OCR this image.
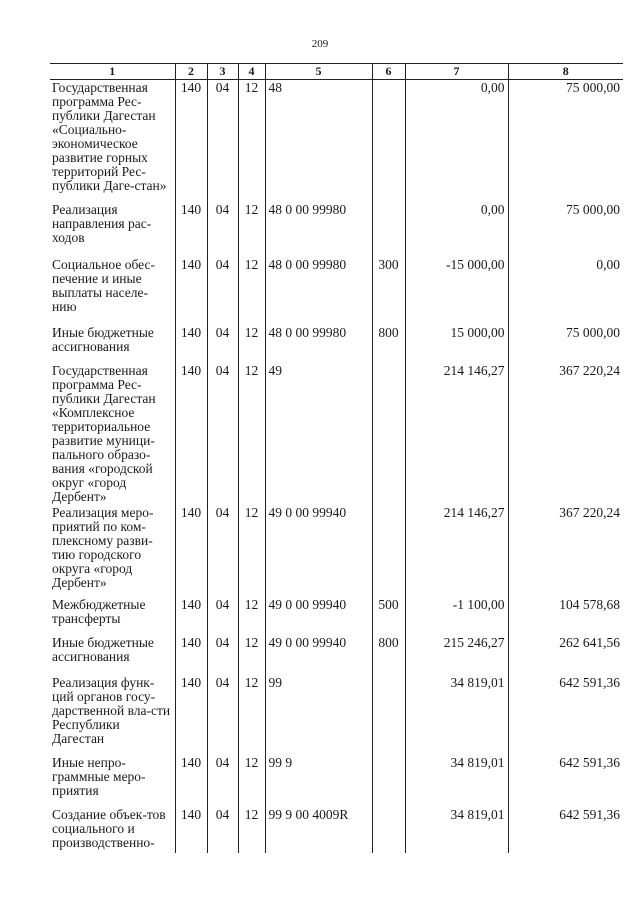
209
1	2	3	4	5	6	7	8
Государственная программа Рес-публики Дагестан «Социально-экономическое развитие горных территорий Рес-публики Даге-стан»	140	04	12	48		0,00	75 000,00
Реализация направления рас-ходов	140	04	12	48 0 00 99980		0,00	75 000,00
Социальное обес-печение и иные выплаты населе-нию	140	04	12	48 0 00 99980	300	-15 000,00	0,00
Иные бюджетные ассигнования	140	04	12	48 0 00 99980	800	15 000,00	75 000,00
Государственная программа Рес-публики Дагестан «Комплексное территориальное развитие муници-пального образо-вания «городской округ «город Дербент»	140	04	12	49		214 146,27	367 220,24
Реализация меро-приятий по ком-плексному разви-тию городского округа «город Дербент»	140	04	12	49 0 00 99940		214 146,27	367 220,24
Межбюджетные трансферты	140	04	12	49 0 00 99940	500	-1 100,00	104 578,68
Иные бюджетные ассигнования	140	04	12	49 0 00 99940	800	215 246,27	262 641,56
Реализация функ-ций органов госу-дарственной вла-сти Республики Дагестан	140	04	12	99		34 819,01	642 591,36
Иные непро-граммные меро-приятия	140	04	12	99 9		34 819,01	642 591,36
Создание объек-тов социального и производственно-	140	04	12	99 9 00 4009R		34 819,01	642 591,36
